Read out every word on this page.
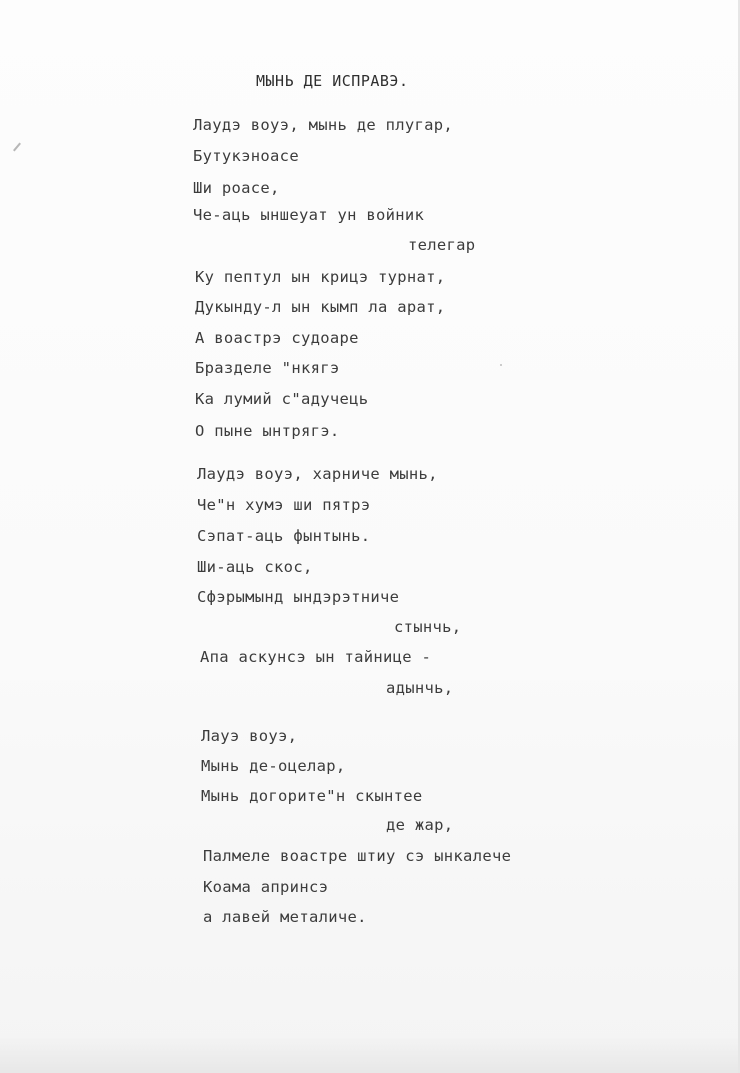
МЫНЬ ДЕ ИСПРАВЭ.
Лаудэ воуэ, мынь де плугар,
Бутукэноасе
Ши роасе,
Че-аць ыншеуат ун войник
телегар
Ку пептул ын крицэ турнат,
Дукынду-л ын кымп ла арат,
А воастрэ судоаре
Бразделе "нкягэ
Ка лумий с"адучець
О пыне ынтрягэ.
Лаудэ воуэ, харниче мынь,
Че"н хумэ ши пятрэ
Сэпат-аць фынтынь.
Ши-аць скос,
Сфэрымынд ындэрэтниче
стынчь,
Апа аскунсэ ын тайнице -
адынчь,
Лауэ воуэ,
Мынь де-оцелар,
Мынь догорите"н скынтее
де жар,
Палмеле воастре штиу сэ ынкалече
Коама апринсэ
а лавей металиче.
